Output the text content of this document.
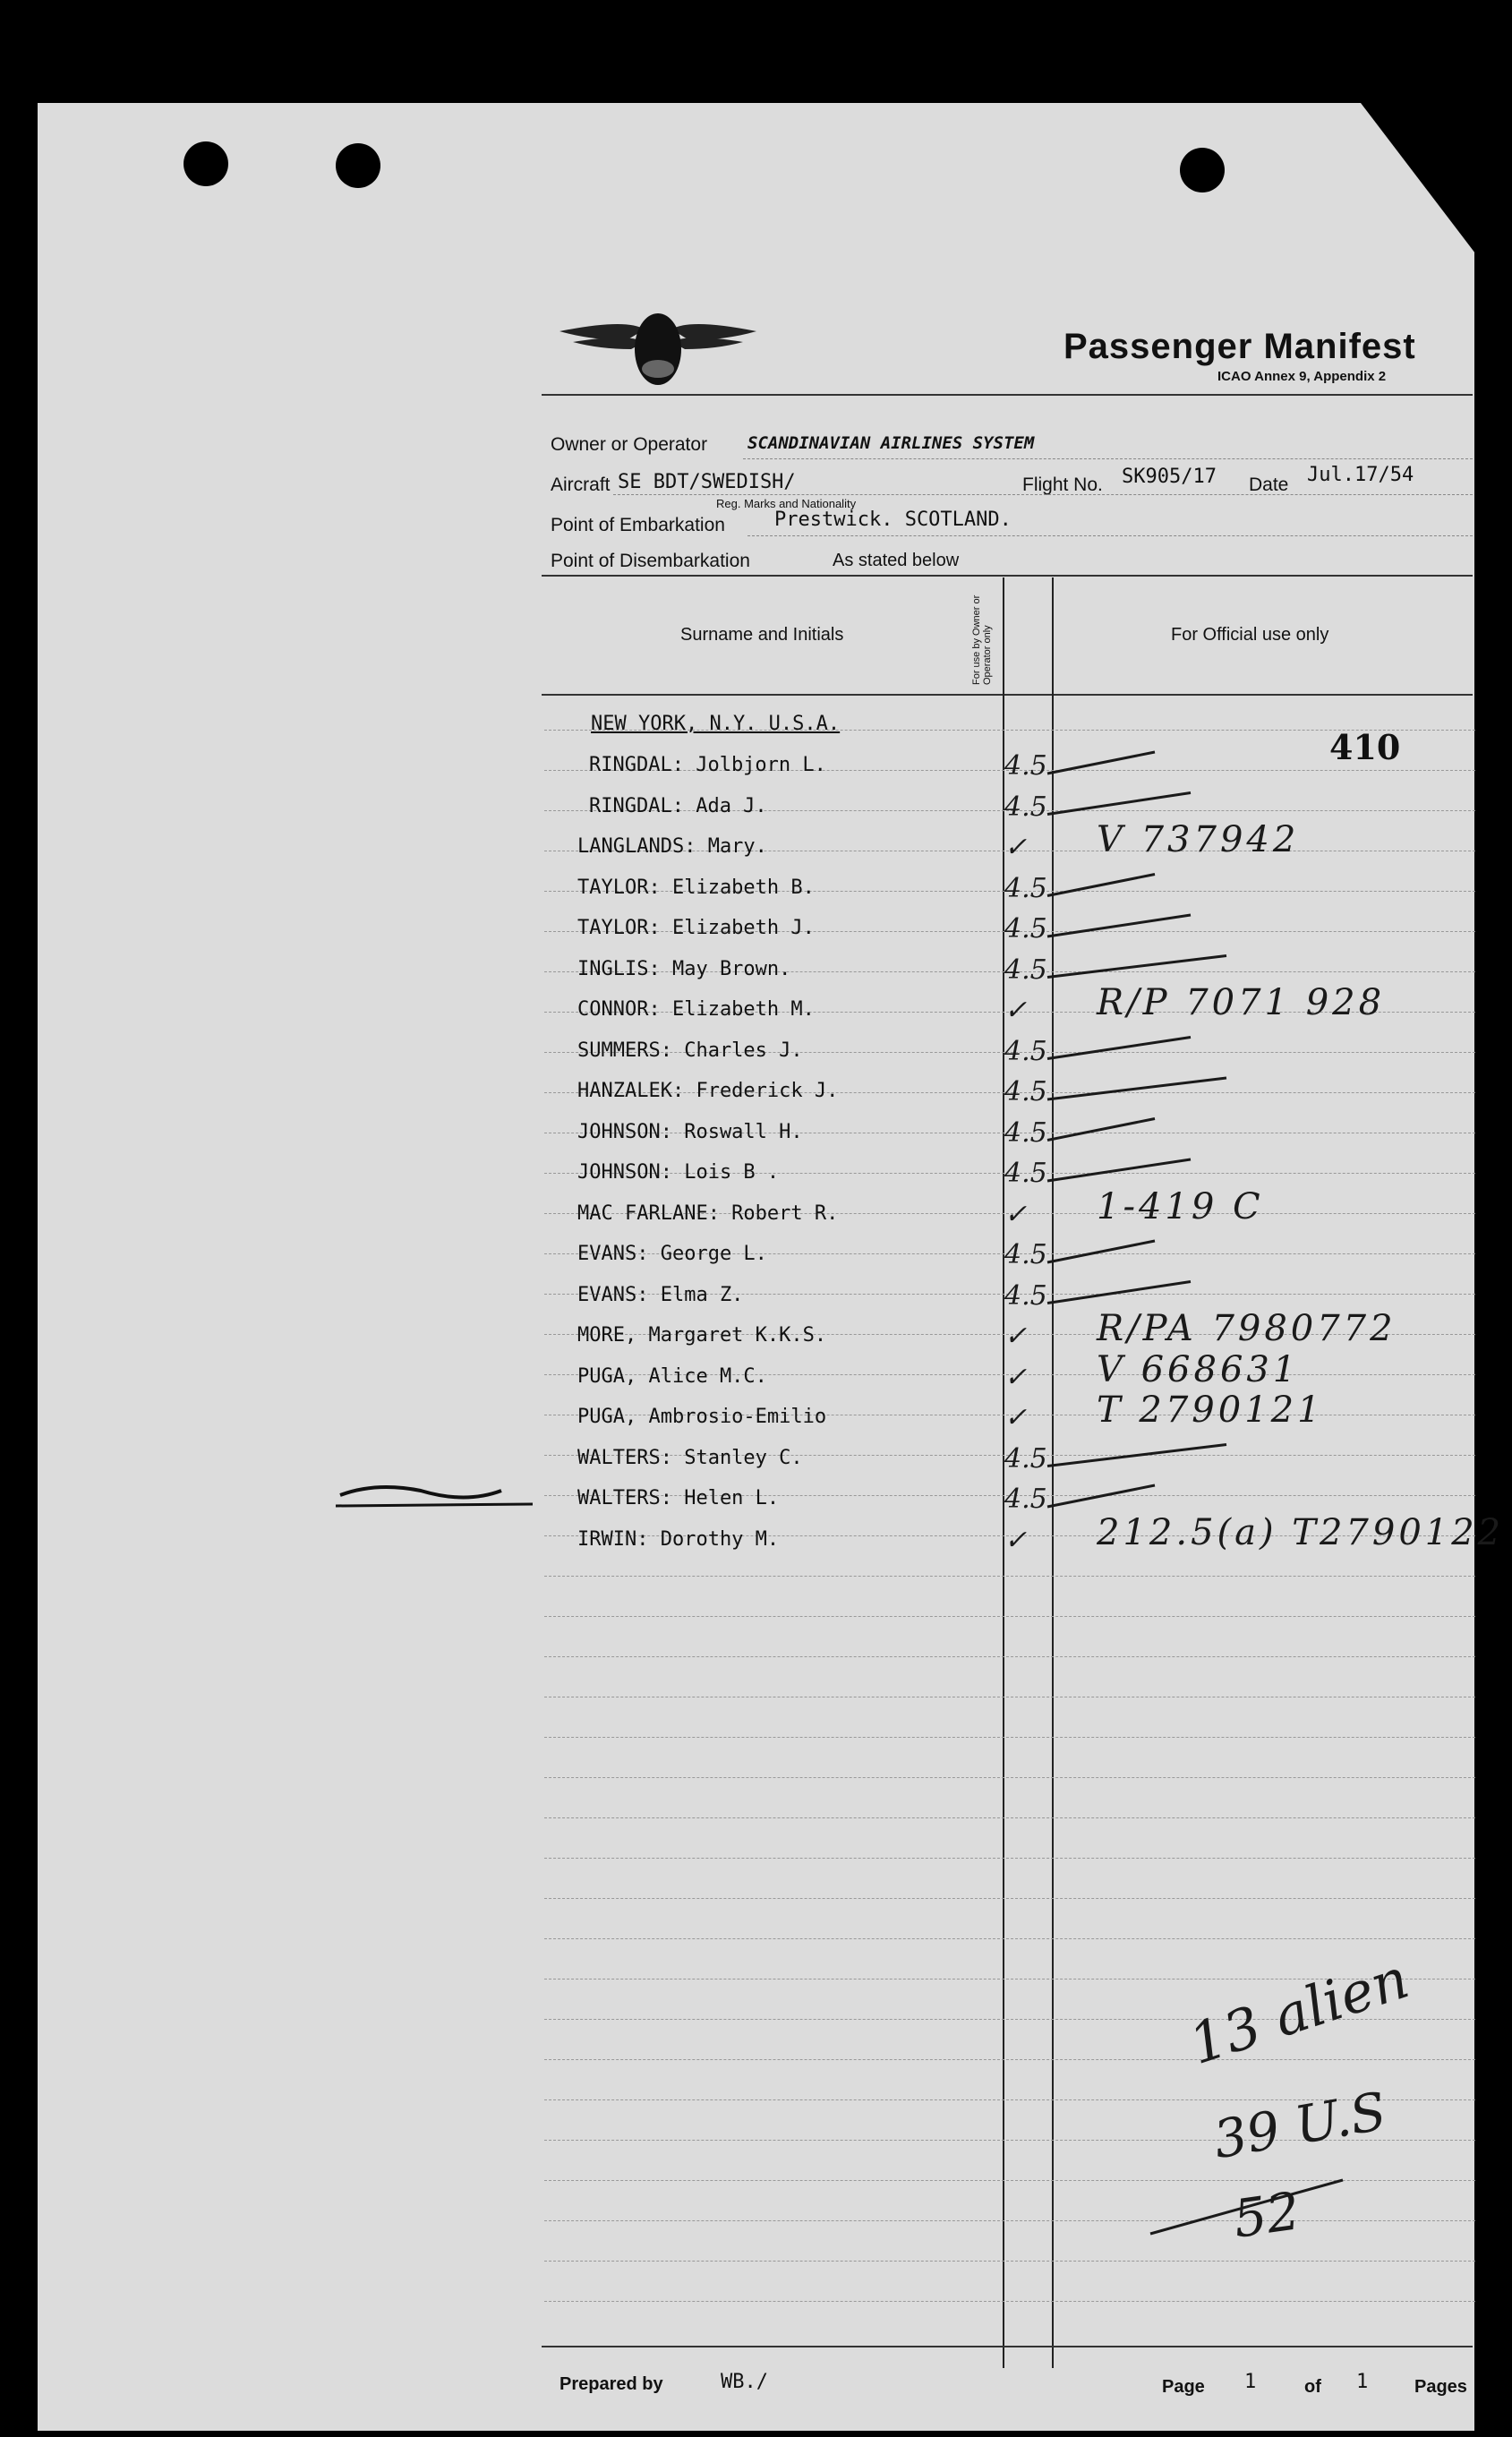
Passenger Manifest
ICAO Annex 9, Appendix 2
Owner or Operator SCANDINAVIAN AIRLINES SYSTEM
Aircraft SE BDT/SWEDISH/
Reg. Marks and Nationality
Flight No. SK905/17 Date Jul.17/54
Point of Embarkation	Prestwick. SCOTLAND.
Point of Disembarkation	As stated below
Surname and Initials	For use by Owner or Operator only	For Official use only
NEW YORK, N.Y. U.S.A.
410
RINGDAL: Jolbjorn L.	4.5
RINGDAL: Ada J.	4.5
LANGLANDS: Mary.	✓ V 737942
TAYLOR: Elizabeth B.	4.5
TAYLOR: Elizabeth J.	4.5
INGLIS: May Brown.	4.5
CONNOR: Elizabeth M.	✓ R/P 7071 928
SUMMERS: Charles J.	4.5
HANZALEK: Frederick J.	4.5
JOHNSON: Roswall H.	4.5
JOHNSON: Lois B .	4.5
MAC FARLANE: Robert R.	✓ 1-419 C
EVANS: George L.	4.5
EVANS: Elma Z.	4.5
MORE, Margaret K.K.S.	✓ R/PA 7980772
PUGA, Alice M.C.	✓ V 668631
PUGA, Ambrosio-Emilio	✓ T 2790121
WALTERS: Stanley C.	4.5
WALTERS: Helen L.	4.5
IRWIN: Dorothy M.	✓ 212.5(a) T2790122
13 alien
39 U.S
52
Prepared by	WB./	Page 1	of 1	Pages
